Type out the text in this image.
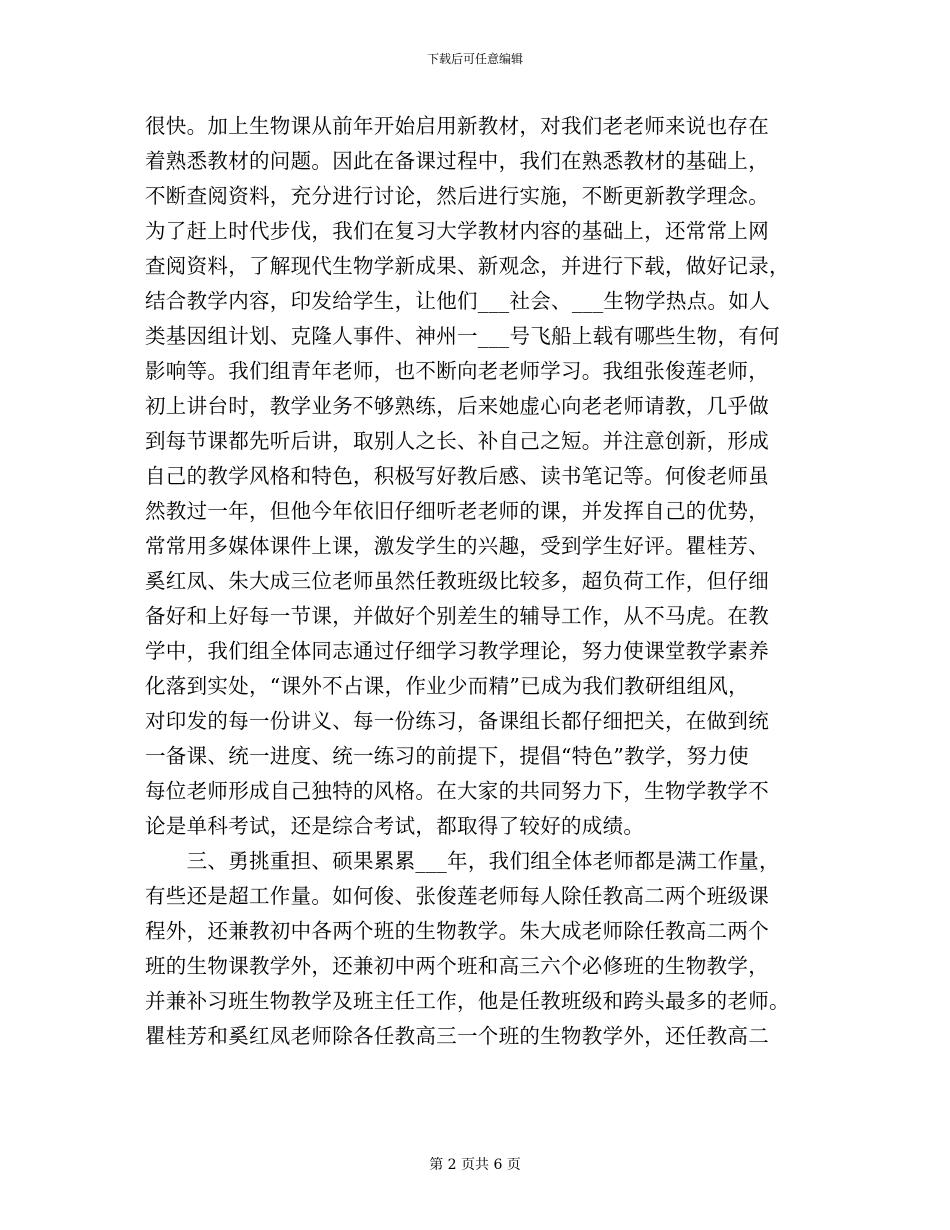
下载后可任意编辑
很快。加上生物课从前年开始启用新教材，对我们老老师来说也存在
着熟悉教材的问题。因此在备课过程中，我们在熟悉教材的基础上，
不断查阅资料，充分进行讨论，然后进行实施，不断更新教学理念。
为了赶上时代步伐，我们在复习大学教材内容的基础上，还常常上网
查阅资料，了解现代生物学新成果、新观念，并进行下载，做好记录，
结合教学内容，印发给学生，让他们___社会、___生物学热点。如人
类基因组计划、克隆人事件、神州一___号飞船上载有哪些生物，有何
影响等。我们组青年老师，也不断向老老师学习。我组张俊莲老师，
初上讲台时，教学业务不够熟练，后来她虚心向老老师请教，几乎做
到每节课都先听后讲，取别人之长、补自己之短。并注意创新，形成
自己的教学风格和特色，积极写好教后感、读书笔记等。何俊老师虽
然教过一年，但他今年依旧仔细听老老师的课，并发挥自己的优势，
常常用多媒体课件上课，激发学生的兴趣，受到学生好评。瞿桂芳、
奚红凤、朱大成三位老师虽然任教班级比较多，超负荷工作，但仔细
备好和上好每一节课，并做好个别差生的辅导工作，从不马虎。在教
学中，我们组全体同志通过仔细学习教学理论，努力使课堂教学素养
化落到实处，“课外不占课，作业少而精”已成为我们教研组组风，
对印发的每一份讲义、每一份练习，备课组长都仔细把关，在做到统
一备课、统一进度、统一练习的前提下，提倡“特色”教学，努力使
每位老师形成自己独特的风格。在大家的共同努力下，生物学教学不
论是单科考试，还是综合考试，都取得了较好的成绩。
　　三、勇挑重担、硕果累累___年，我们组全体老师都是满工作量，
有些还是超工作量。如何俊、张俊莲老师每人除任教高二两个班级课
程外，还兼教初中各两个班的生物教学。朱大成老师除任教高二两个
班的生物课教学外，还兼初中两个班和高三六个必修班的生物教学，
并兼补习班生物教学及班主任工作，他是任教班级和跨头最多的老师。
瞿桂芳和奚红凤老师除各任教高三一个班的生物教学外，还任教高二
第 2 页共 6 页
